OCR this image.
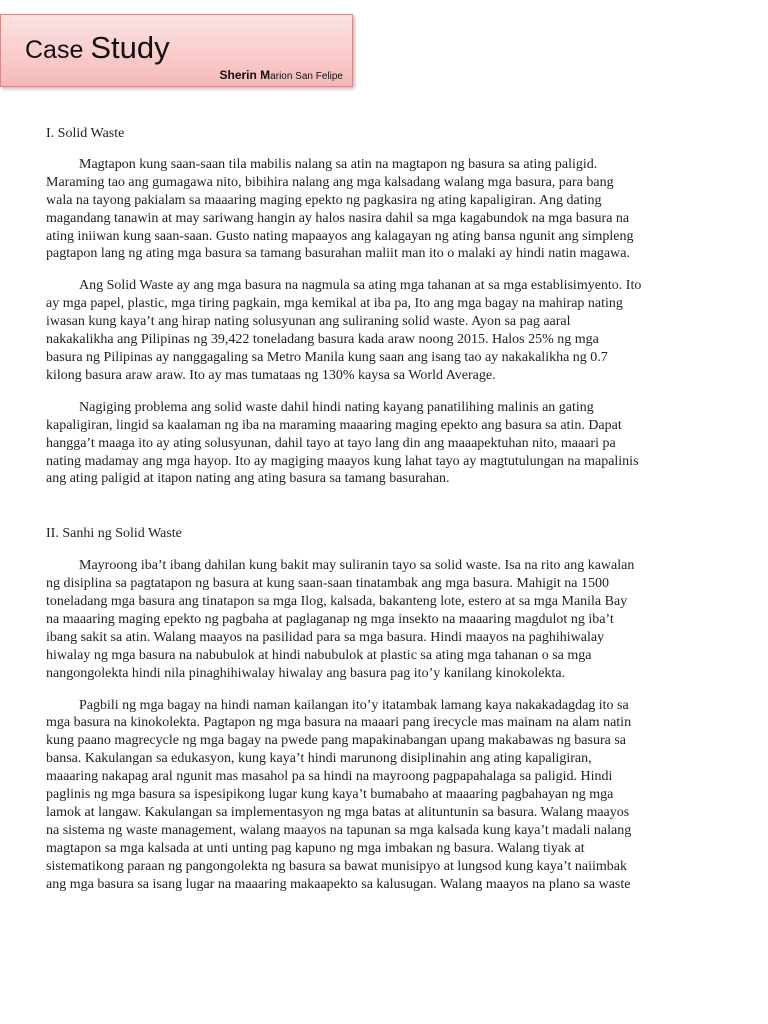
Case Study
Sherin Marion San Felipe

I. Solid Waste

Magtapon kung saan-saan tila mabilis nalang sa atin na magtapon ng basura sa ating paligid.
Maraming tao ang gumagawa nito, bibihira nalang ang mga kalsadang walang mga basura, para bang
wala na tayong pakialam sa maaaring maging epekto ng pagkasira ng ating kapaligiran. Ang dating
magandang tanawin at may sariwang hangin ay halos nasira dahil sa mga kagabundok na mga basura na
ating iniiwan kung saan-saan. Gusto nating mapaayos ang kalagayan ng ating bansa ngunit ang simpleng
pagtapon lang ng ating mga basura sa tamang basurahan maliit man ito o malaki ay hindi natin magawa.

Ang Solid Waste ay ang mga basura na nagmula sa ating mga tahanan at sa mga establisimyento. Ito
ay mga papel, plastic, mga tiring pagkain, mga kemikal at iba pa, Ito ang mga bagay na mahirap nating
iwasan kung kaya’t ang hirap nating solusyunan ang suliraning solid waste. Ayon sa pag aaral
nakakalikha ang Pilipinas ng 39,422 toneladang basura kada araw noong 2015. Halos 25% ng mga
basura ng Pilipinas ay nanggagaling sa Metro Manila kung saan ang isang tao ay nakakalikha ng 0.7
kilong basura araw araw. Ito ay mas tumataas ng 130% kaysa sa World Average.

Nagiging problema ang solid waste dahil hindi nating kayang panatilihing malinis an gating
kapaligiran, lingid sa kaalaman ng iba na maraming maaaring maging epekto ang basura sa atin. Dapat
hangga’t maaga ito ay ating solusyunan, dahil tayo at tayo lang din ang maaapektuhan nito, maaari pa
nating madamay ang mga hayop. Ito ay magiging maayos kung lahat tayo ay magtutulungan na mapalinis
ang ating paligid at itapon nating ang ating basura sa tamang basurahan.

II. Sanhi ng Solid Waste

Mayroong iba’t ibang dahilan kung bakit may suliranin tayo sa solid waste. Isa na rito ang kawalan
ng disiplina sa pagtatapon ng basura at kung saan-saan tinatambak ang mga basura. Mahigit na 1500
toneladang mga basura ang tinatapon sa mga Ilog, kalsada, bakanteng lote, estero at sa mga Manila Bay
na maaaring maging epekto ng pagbaha at paglaganap ng mga insekto na maaaring magdulot ng iba’t
ibang sakit sa atin. Walang maayos na pasilidad para sa mga basura. Hindi maayos na paghihiwalay
hiwalay ng mga basura na nabubulok at hindi nabubulok at plastic sa ating mga tahanan o sa mga
nangongolekta hindi nila pinaghihiwalay hiwalay ang basura pag ito’y kanilang kinokolekta.

Pagbili ng mga bagay na hindi naman kailangan ito’y itatambak lamang kaya nakakadagdag ito sa
mga basura na kinokolekta. Pagtapon ng mga basura na maaari pang irecycle mas mainam na alam natin
kung paano magrecycle ng mga bagay na pwede pang mapakinabangan upang makabawas ng basura sa
bansa. Kakulangan sa edukasyon, kung kaya’t hindi marunong disiplinahin ang ating kapaligiran,
maaaring nakapag aral ngunit mas masahol pa sa hindi na mayroong pagpapahalaga sa paligid. Hindi
paglinis ng mga basura sa ispesipikong lugar kung kaya’t bumabaho at maaaring pagbahayan ng mga
lamok at langaw. Kakulangan sa implementasyon ng mga batas at alituntunin sa basura. Walang maayos
na sistema ng waste management, walang maayos na tapunan sa mga kalsada kung kaya’t madali nalang
magtapon sa mga kalsada at unti unting pag kapuno ng mga imbakan ng basura. Walang tiyak at
sistematikong paraan ng pangongolekta ng basura sa bawat munisipyo at lungsod kung kaya’t naiimbak
ang mga basura sa isang lugar na maaaring makaapekto sa kalusugan. Walang maayos na plano sa waste
